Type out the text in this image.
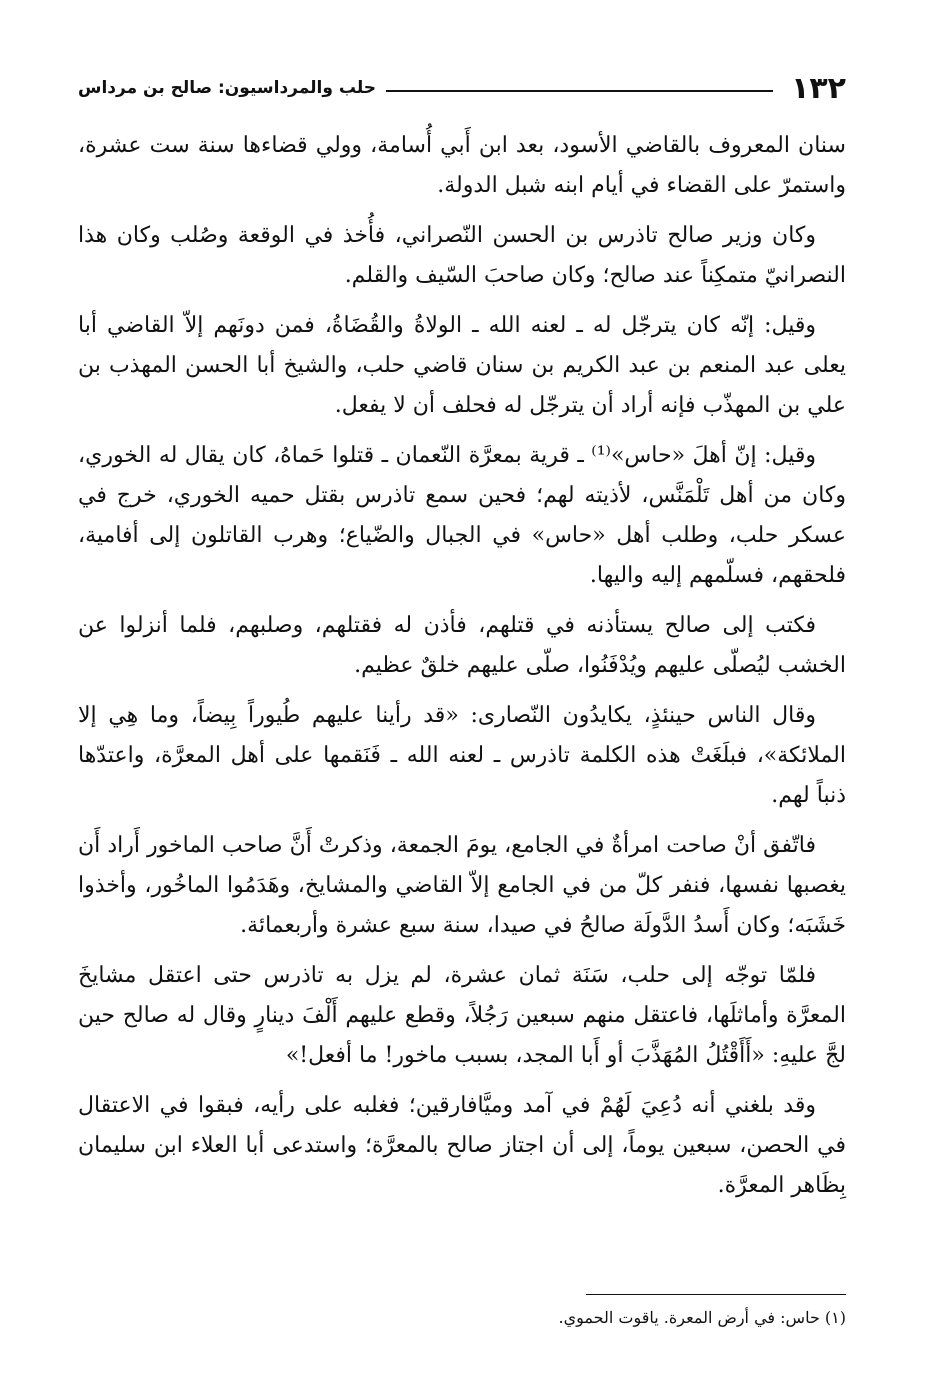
١٣٢
حلب والمرداسيون: صالح بن مرداس

سنان المعروف بالقاضي الأسود، بعد ابن أَبي أُسامة، وولي قضاءها سنة ست عشرة، واستمرّ على القضاء في أيام ابنه شبل الدولة.

وكان وزير صالح تاذرس بن الحسن النّصراني، فأُخذ في الوقعة وصُلب وكان هذا النصرانيّ متمكِناً عند صالح؛ وكان صاحبَ السّيف والقلم.

وقيل: إنّه كان يترجّل له ـ لعنه الله ـ الولاةُ والقُضَاةُ، فمن دونَهم إلاّ القاضي أبا يعلى عبد المنعم بن عبد الكريم بن سنان قاضي حلب، والشيخ أبا الحسن المهذب بن علي بن المهذّب فإنه أراد أن يترجّل له فحلف أن لا يفعل.

وقيل: إنّ أهلَ «حاس»⁽¹⁾ ـ قرية بمعرَّة النّعمان ـ قتلوا حَماهُ، كان يقال له الخوري، وكان من أهل تَلْمَنَّس، لأذيته لهم؛ فحين سمع تاذرس بقتل حميه الخوري، خرج في عسكر حلب، وطلب أهل «حاس» في الجبال والضّياع؛ وهرب القاتلون إلى أفامية، فلحقهم، فسلّمهم إليه واليها.

فكتب إلى صالح يستأذنه في قتلهم، فأذن له فقتلهم، وصلبهم، فلما أنزلوا عن الخشب ليُصلّى عليهم ويُدْفَنُوا، صلّى عليهم خلقٌ عظيم.

وقال الناس حينئذٍ، يكايدُون النّصارى: «قد رأينا عليهم طُيوراً بِيضاً، وما هِي إلا الملائكة»، فبلَغَتْ هذه الكلمة تاذرس ـ لعنه الله ـ فَنَقمها على أهل المعرَّة، واعتدّها ذنباً لهم.

فاتّفق أنْ صاحت امرأةٌ في الجامع، يومَ الجمعة، وذكرتْ أَنَّ صاحب الماخور أَراد أَن يغصبها نفسها، فنفر كلّ من في الجامع إلاّ القاضي والمشايخ، وهَدَمُوا الماخُور، وأخذوا خَشَبَه؛ وكان أَسدُ الدَّولَة صالحُ في صيدا، سنة سبع عشرة وأربعمائة.

فلمّا توجّه إلى حلب، سَنَة ثمان عشرة، لم يزل به تاذرس حتى اعتقل مشايخَ المعرَّة وأماثلَها، فاعتقل منهم سبعين رَجُلاً، وقطع عليهم أَلْفَ دينارٍ وقال له صالح حين لجَّ عليهِ: «أَأَقْتُلُ المُهَذَّبَ أو أَبا المجد، بسبب ماخور! ما أفعل!»

وقد بلغني أنه دُعِيَ لَهُمْ في آمد وميَّافارقين؛ فغلبه على رأيه، فبقوا في الاعتقال في الحصن، سبعين يوماً، إلى أن اجتاز صالح بالمعرَّة؛ واستدعى أبا العلاء ابن سليمان بِظَاهر المعرَّة.

(١) حاس: في أرض المعرة. ياقوت الحموي.
